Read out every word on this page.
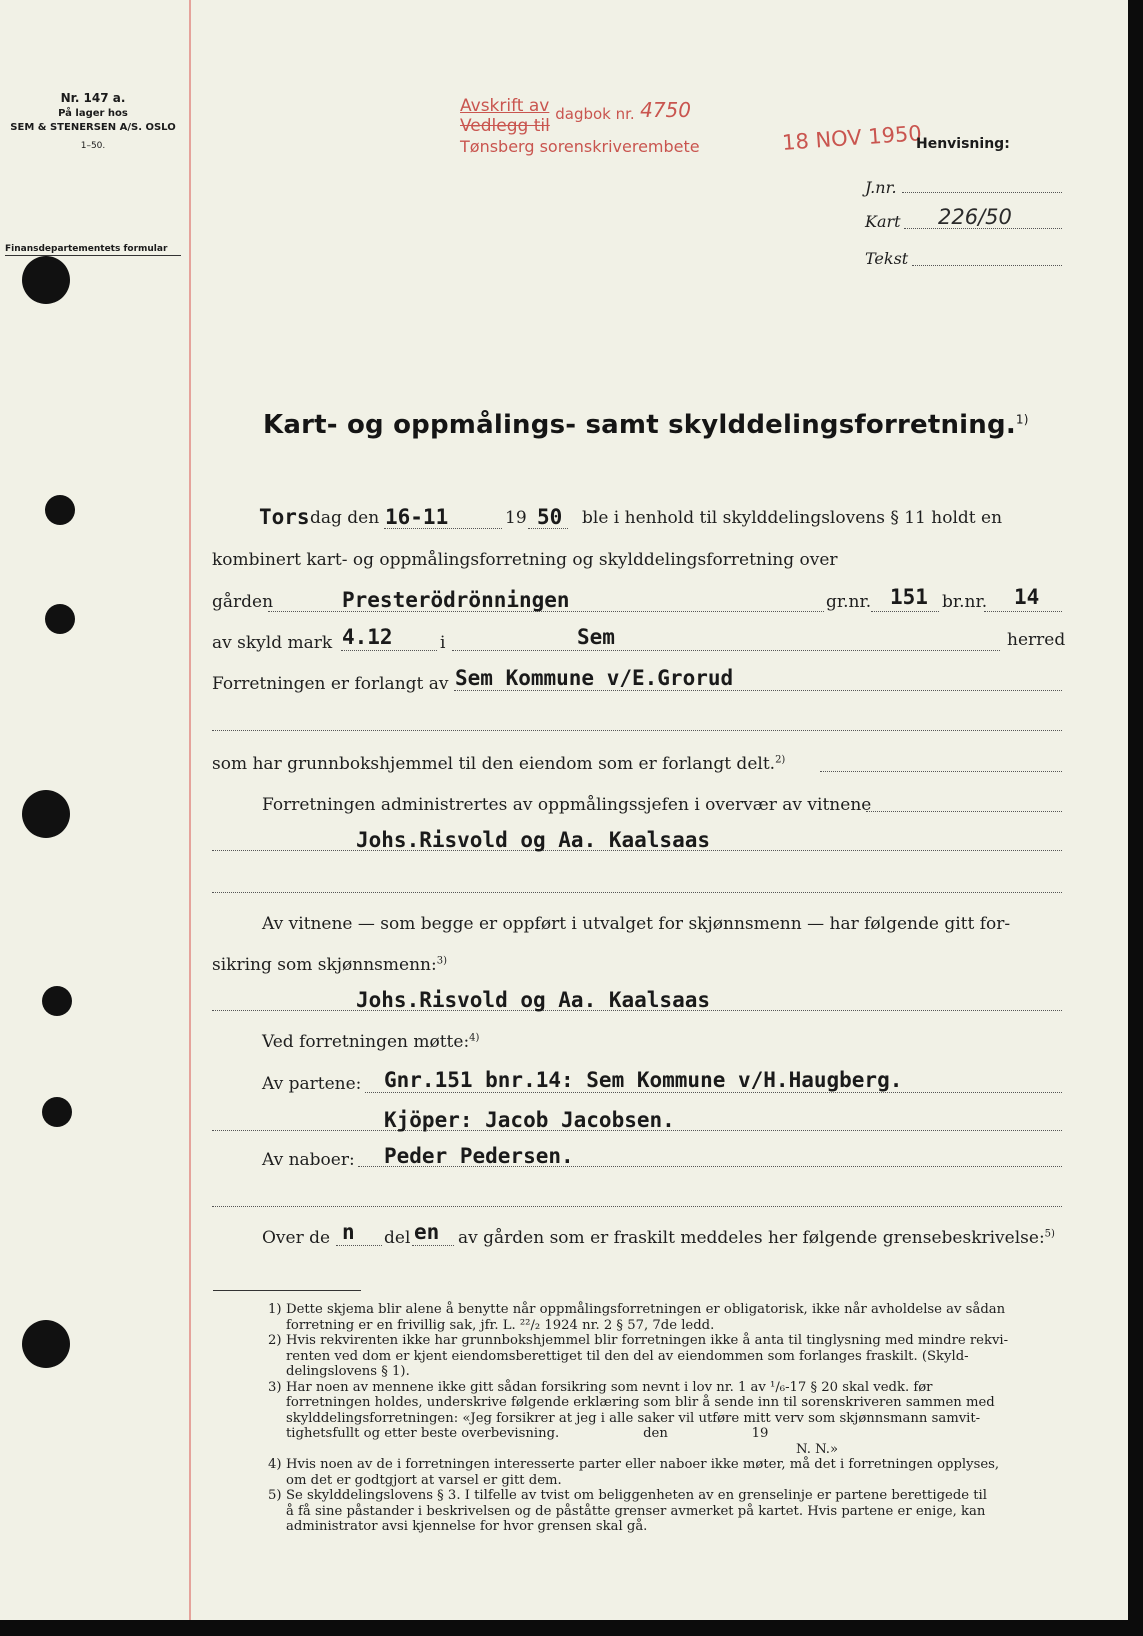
Nr. 147 a.
På lager hos
SEM & STENERSEN A/S. OSLO
1–50.
Finansdepartementets formular
Avskrift av
Vedlegg til dagbok nr. 4750
Tønsberg sorenskriverembete	18 NOV 1950
Henvisning:
J.nr.
Kart 226/50
Tekst
Kart- og oppmålings- samt skylddelingsforretning.$^{1)}$
Tors dag den 16-11	19 50 ble i henhold til skylddelingslovens § 11 holdt en
kombinert kart- og oppmålingsforretning og skylddelingsforretning over
gården	Presterödrönningen	gr.nr. 151 br.nr. 14
av skyld mark 4.12	i	Sem	herred
Forretningen er forlangt av Sem Kommune v/E.Grorud
som har grunnbokshjemmel til den eiendom som er forlangt delt.$^{2)}$
Forretningen administrertes av oppmålingssjefen i overvær av vitnene
Johs.Risvold og Aa. Kaalsaas
Av vitnene — som begge er oppført i utvalget for skjønnsmenn — har følgende gitt for-
sikring som skjønnsmenn:$^{3)}$
Johs.Risvold og Aa. Kaalsaas
Ved forretningen møtte:$^{4)}$
Av partene: Gnr.151 bnr.14: Sem Kommune v/H.Haugberg.
Kjöper: Jacob Jacobsen.
Av naboer: Peder Pedersen.
Over de n del en av gården som er fraskilt meddeles her følgende grensebeskrivelse:$^{5)}$
1) Dette skjema blir alene å benytte når oppmålingsforretningen er obligatorisk, ikke når avholdelse av sådan
forretning er en frivillig sak, jfr. L. ²²/₂ 1924 nr. 2 § 57, 7de ledd.
2) Hvis rekvirenten ikke har grunnbokshjemmel blir forretningen ikke å anta til tinglysning med mindre rekvi-
renten ved dom er kjent eiendomsberettiget til den del av eiendommen som forlanges fraskilt. (Skyld-
delingslovens § 1).
3) Har noen av mennene ikke gitt sådan forsikring som nevnt i lov nr. 1 av ¹/₆-17 § 20 skal vedk. før
forretningen holdes, underskrive følgende erklæring som blir å sende inn til sorenskriveren sammen med
skylddelingsforretningen: «Jeg forsikrer at jeg i alle saker vil utføre mitt verv som skjønnsmann samvit-
tighetsfullt og etter beste overbevisning.                    den                    19
N. N.»
4) Hvis noen av de i forretningen interesserte parter eller naboer ikke møter, må det i forretningen opplyses,
om det er godtgjort at varsel er gitt dem.
5) Se skylddelingslovens § 3. I tilfelle av tvist om beliggenheten av en grenselinje er partene berettigede til
å få sine påstander i beskrivelsen og de påståtte grenser avmerket på kartet. Hvis partene er enige, kan
administrator avsi kjennelse for hvor grensen skal gå.
